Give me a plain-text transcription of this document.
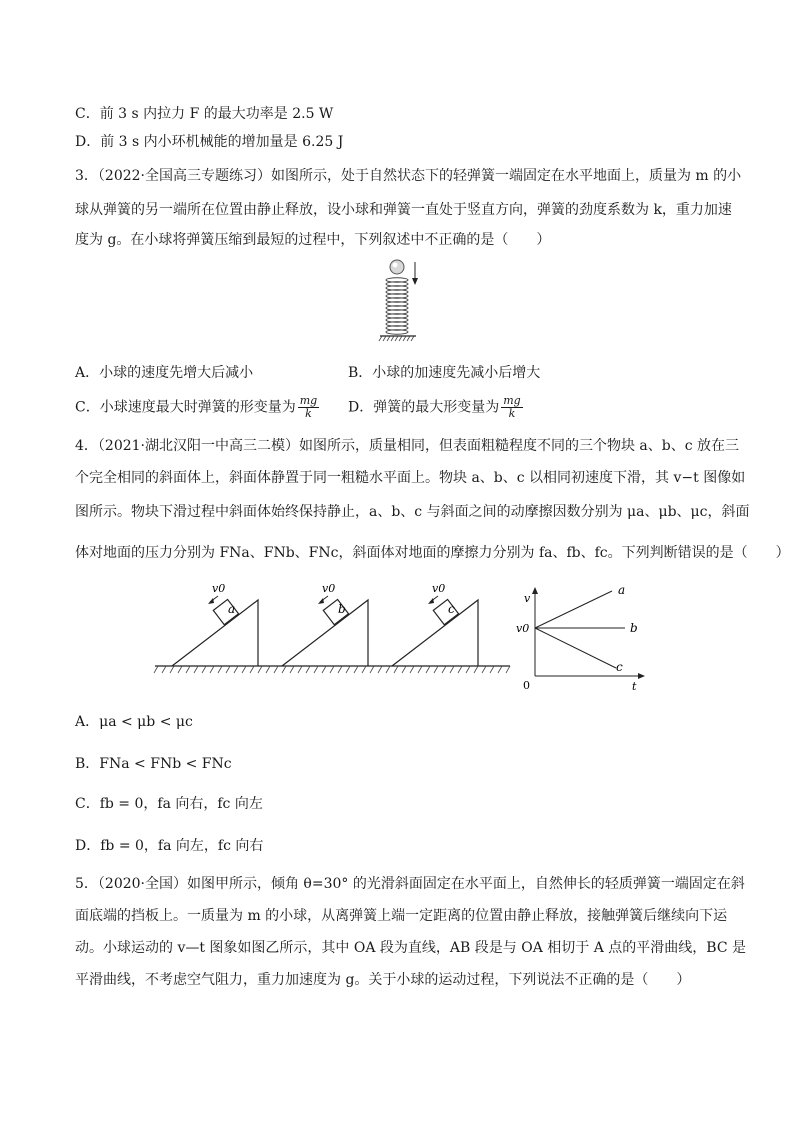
C．前 3 s 内拉力 F 的最大功率是 2.5 W
D．前 3 s 内小环机械能的增加量是 6.25 J
3．（2022·全国高三专题练习）如图所示，处于自然状态下的轻弹簧一端固定在水平地面上，质量为 m 的小
球从弹簧的另一端所在位置由静止释放，设小球和弹簧一直处于竖直方向，弹簧的劲度系数为 k，重力加速
度为 g。在小球将弹簧压缩到最短的过程中，下列叙述中不正确的是（　　）
A．小球的速度先增大后减小	B．小球的加速度先减小后增大
C．小球速度最大时弹簧的形变量为 $\frac{mg}{k}$ D．弹簧的最大形变量为 $\frac{mg}{k}$
4．（2021·湖北汉阳一中高三二模）如图所示，质量相同，但表面粗糙程度不同的三个物块 a、b、c 放在三
个完全相同的斜面体上，斜面体静置于同一粗糙水平面上。物块 a、b、c 以相同初速度下滑，其 v−t 图像如
图所示。物块下滑过程中斜面体始终保持静止，a、b、c 与斜面之间的动摩擦因数分别为 μa、μb、μc，斜面
体对地面的压力分别为 FNa、FNb、FNc，斜面体对地面的摩擦力分别为 fa、fb、fc。下列判断错误的是（　　）
a
v0
b
v0
c
v0
v
t
0
v0
a
b
c
A．μa < μb < μc
B．FNa < FNb < FNc
C．fb = 0，fa 向右，fc 向左
D．fb = 0，fa 向左，fc 向右
5．（2020·全国）如图甲所示，倾角 θ=30° 的光滑斜面固定在水平面上，自然伸长的轻质弹簧一端固定在斜
面底端的挡板上。一质量为 m 的小球，从离弹簧上端一定距离的位置由静止释放，接触弹簧后继续向下运
动。小球运动的 v—t 图象如图乙所示，其中 OA 段为直线，AB 段是与 OA 相切于 A 点的平滑曲线，BC 是
平滑曲线，不考虑空气阻力，重力加速度为 g。关于小球的运动过程，下列说法不正确的是（　　）
